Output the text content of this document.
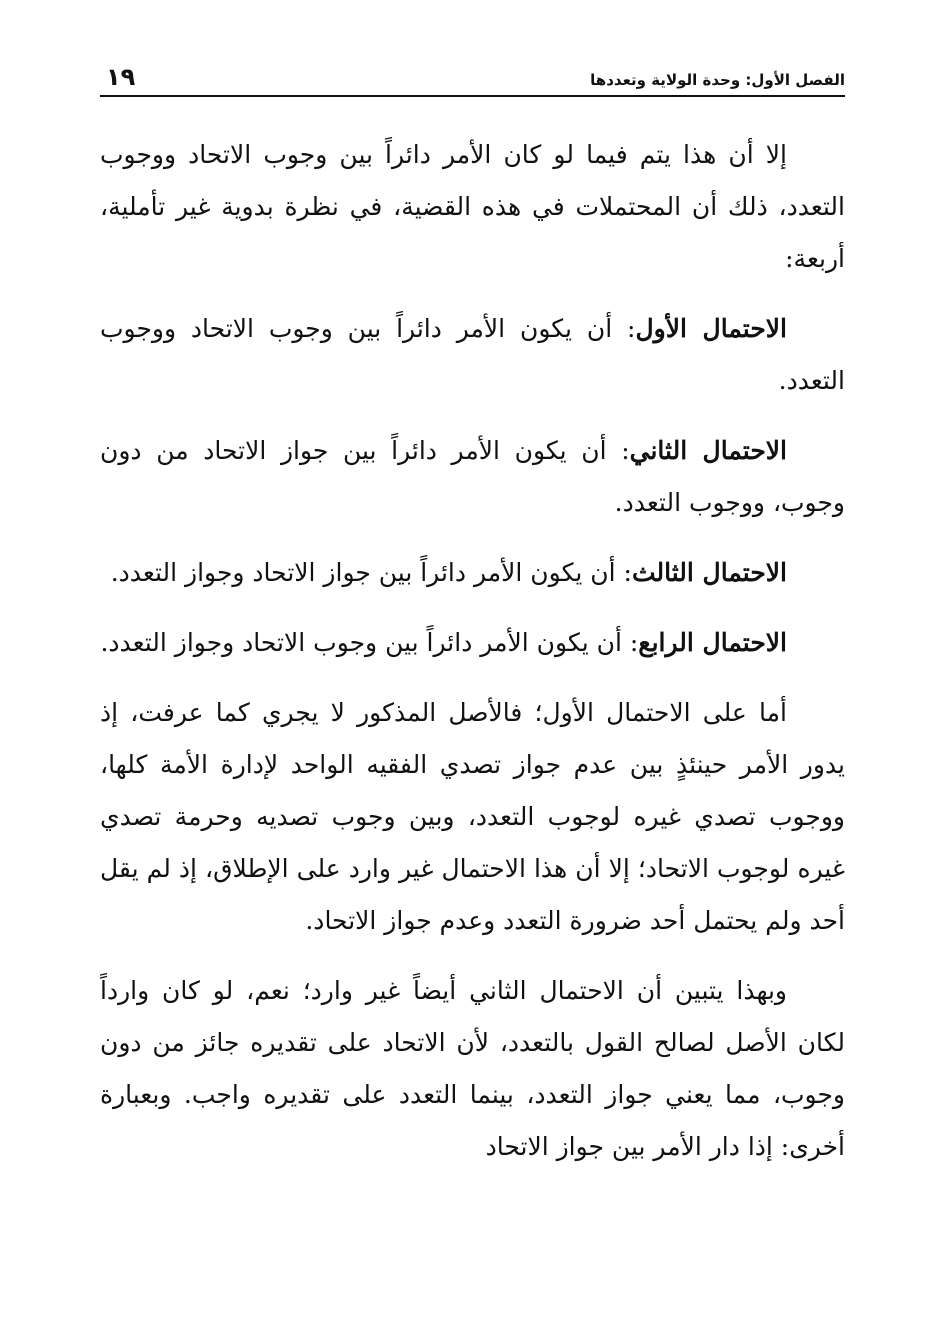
الفصل الأول: وحدة الولاية وتعددها
١٩

إلا أن هذا يتم فيما لو كان الأمر دائراً بين وجوب الاتحاد ووجوب التعدد، ذلك أن المحتملات في هذه القضية، في نظرة بدوية غير تأملية، أربعة:

الاحتمال الأول: أن يكون الأمر دائراً بين وجوب الاتحاد ووجوب التعدد.

الاحتمال الثاني: أن يكون الأمر دائراً بين جواز الاتحاد من دون وجوب، ووجوب التعدد.

الاحتمال الثالث: أن يكون الأمر دائراً بين جواز الاتحاد وجواز التعدد.

الاحتمال الرابع: أن يكون الأمر دائراً بين وجوب الاتحاد وجواز التعدد.

أما على الاحتمال الأول؛ فالأصل المذكور لا يجري كما عرفت، إذ يدور الأمر حينئذٍ بين عدم جواز تصدي الفقيه الواحد لإدارة الأمة كلها، ووجوب تصدي غيره لوجوب التعدد، وبين وجوب تصديه وحرمة تصدي غيره لوجوب الاتحاد؛ إلا أن هذا الاحتمال غير وارد على الإطلاق، إذ لم يقل أحد ولم يحتمل أحد ضرورة التعدد وعدم جواز الاتحاد.

وبهذا يتبين أن الاحتمال الثاني أيضاً غير وارد؛ نعم، لو كان وارداً لكان الأصل لصالح القول بالتعدد، لأن الاتحاد على تقديره جائز من دون وجوب، مما يعني جواز التعدد، بينما التعدد على تقديره واجب. وبعبارة أخرى: إذا دار الأمر بين جواز الاتحاد
